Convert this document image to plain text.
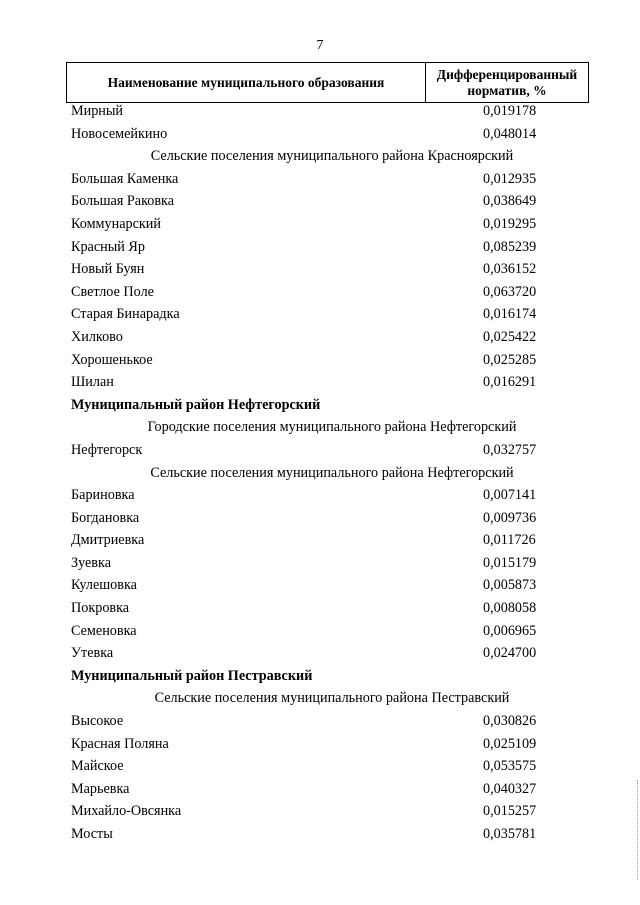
7
Наименование муниципального образования
Дифференцированный
норматив, %
Мирный	0,019178
Новосемейкино	0,048014
Сельские поселения муниципального района Красноярский
Большая Каменка	0,012935
Большая Раковка	0,038649
Коммунарский	0,019295
Красный Яр	0,085239
Новый Буян	0,036152
Светлое Поле	0,063720
Старая Бинарадка	0,016174
Хилково	0,025422
Хорошенькое	0,025285
Шилан	0,016291
Муниципальный район Нефтегорский
Городские поселения муниципального района Нефтегорский
Нефтегорск	0,032757
Сельские поселения муниципального района Нефтегорский
Бариновка	0,007141
Богдановка	0,009736
Дмитриевка	0,011726
Зуевка	0,015179
Кулешовка	0,005873
Покровка	0,008058
Семеновка	0,006965
Утевка	0,024700
Муниципальный район Пестравский
Сельские поселения муниципального района Пестравский
Высокое	0,030826
Красная Поляна	0,025109
Майское	0,053575
Марьевка	0,040327
Михайло-Овсянка	0,015257
Мосты	0,035781
